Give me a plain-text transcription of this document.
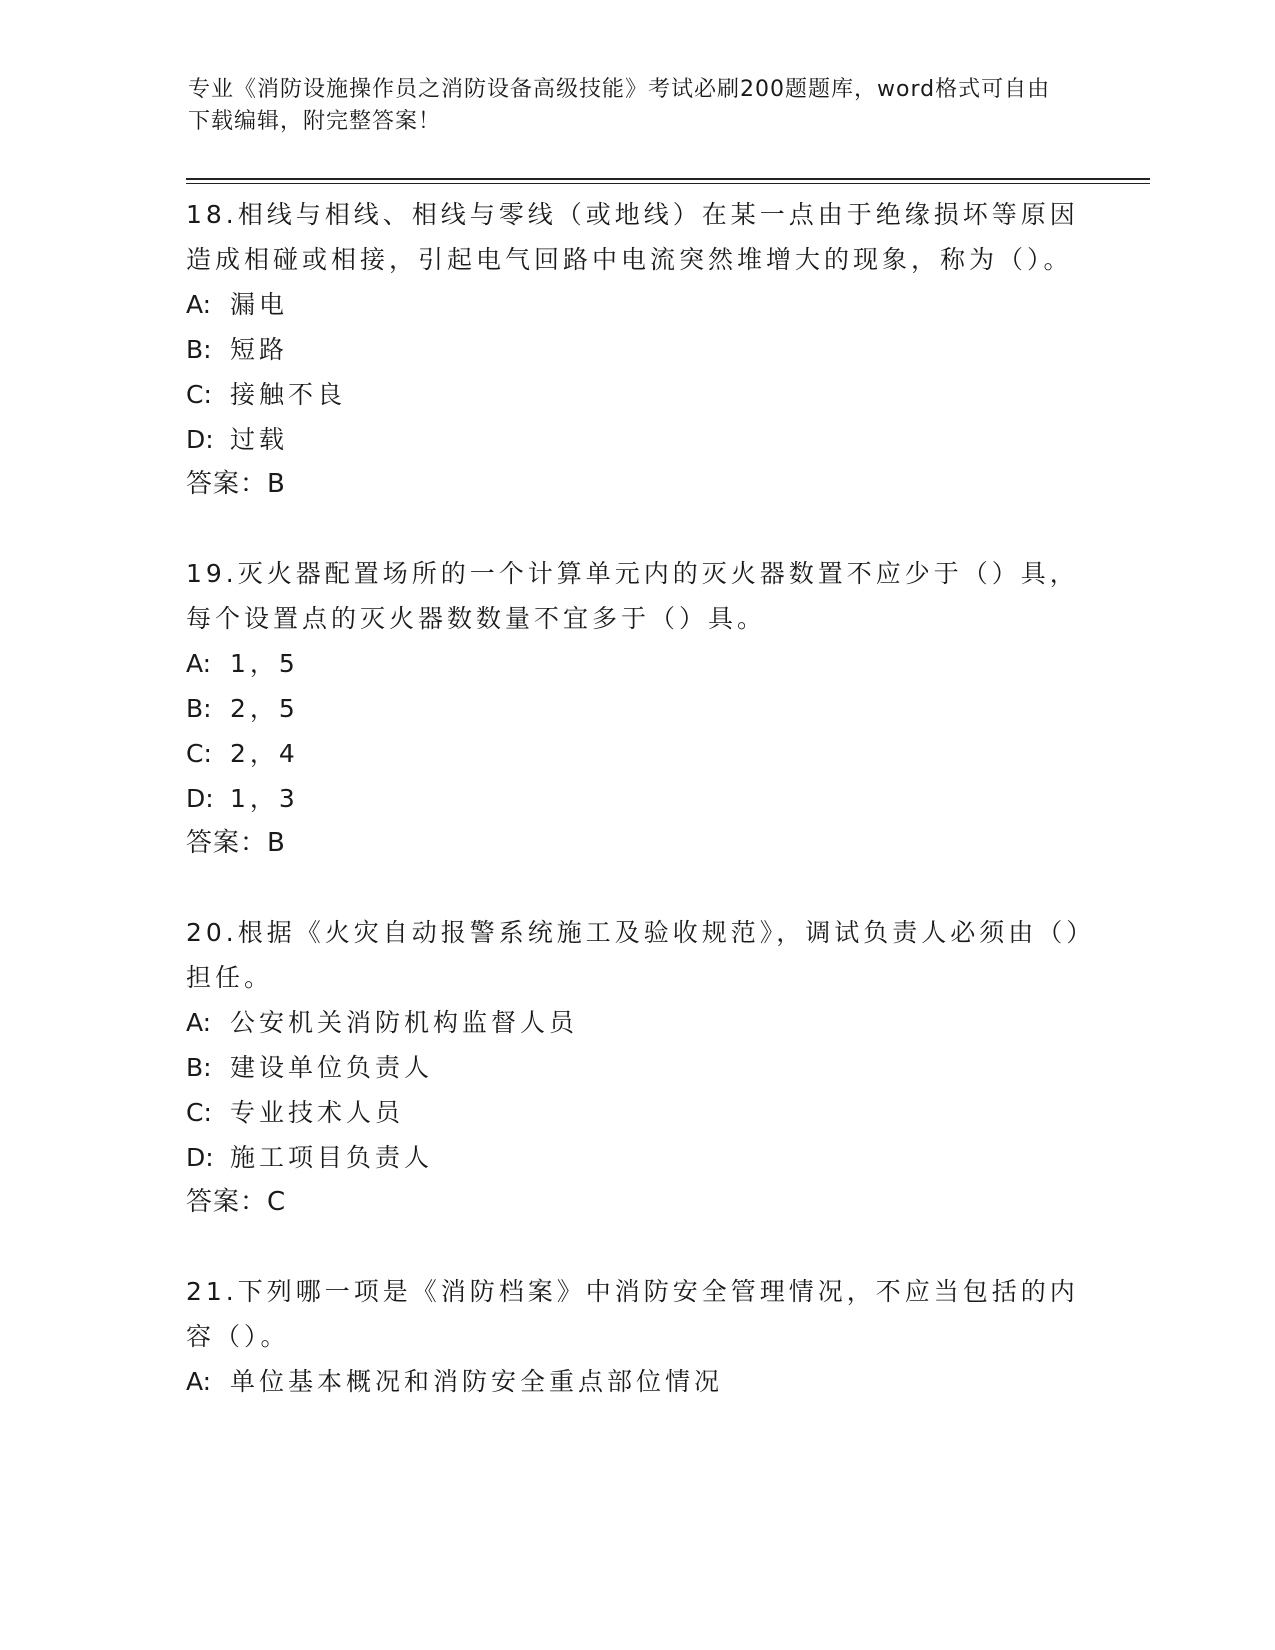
专业《消防设施操作员之消防设备高级技能》考试必刷200题题库，word格式可自由下载编辑，附完整答案！

18.相线与相线、相线与零线（或地线）在某一点由于绝缘损坏等原因造成相碰或相接，引起电气回路中电流突然堆增大的现象，称为（）。

A: 漏电

B: 短路

C: 接触不良

D: 过载

答案：B

19.灭火器配置场所的一个计算单元内的灭火器数置不应少于（）具，每个设置点的灭火器数数量不宜多于（）具。

A: 1，5

B: 2，5

C: 2，4

D: 1，3

答案：B

20.根据《火灾自动报警系统施工及验收规范》，调试负责人必须由（）担任。

A: 公安机关消防机构监督人员

B: 建设单位负责人

C: 专业技术人员

D: 施工项目负责人

答案：C

21.下列哪一项是《消防档案》中消防安全管理情况，不应当包括的内容（）。

A: 单位基本概况和消防安全重点部位情况
